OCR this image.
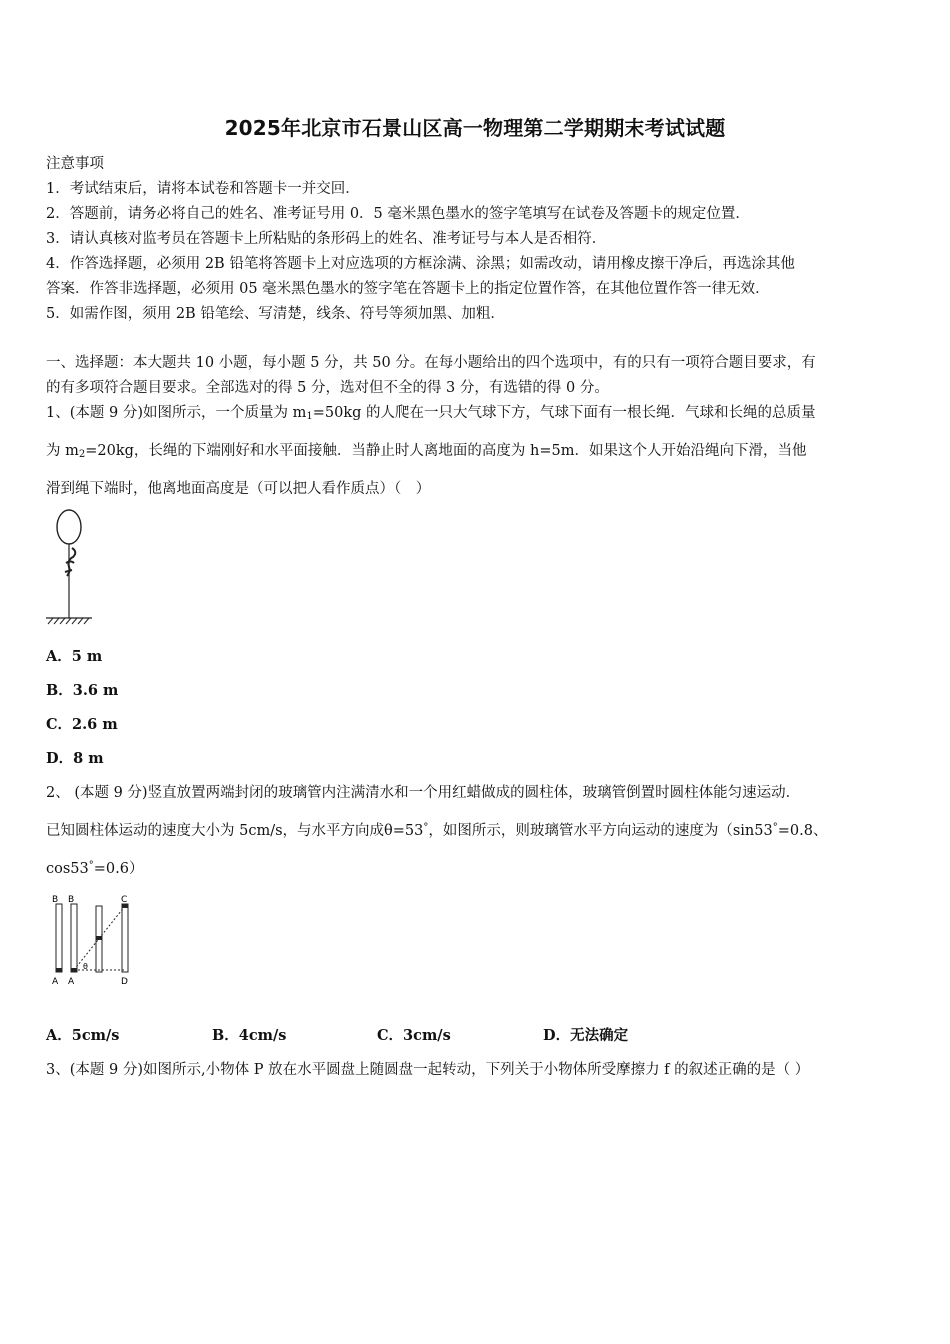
2025年北京市石景山区高一物理第二学期期末考试试题
注意事项
1．考试结束后，请将本试卷和答题卡一并交回．
2．答题前，请务必将自己的姓名、准考证号用 0．5 毫米黑色墨水的签字笔填写在试卷及答题卡的规定位置．
3．请认真核对监考员在答题卡上所粘贴的条形码上的姓名、准考证号与本人是否相符．
4．作答选择题，必须用 2B 铅笔将答题卡上对应选项的方框涂满、涂黑；如需改动，请用橡皮擦干净后，再选涂其他
答案．作答非选择题，必须用 05 毫米黑色墨水的签字笔在答题卡上的指定位置作答，在其他位置作答一律无效．
5．如需作图，须用 2B 铅笔绘、写清楚，线条、符号等须加黑、加粗．
一、选择题：本大题共 10 小题，每小题 5 分，共 50 分。在每小题给出的四个选项中，有的只有一项符合题目要求，有
的有多项符合题目要求。全部选对的得 5 分，选对但不全的得 3 分，有选错的得 0 分。
1、(本题 9 分)如图所示，一个质量为 $m_1=50kg$ 的人爬在一只大气球下方，气球下面有一根长绳．气球和长绳的总质量
为 $m_2=20kg$，长绳的下端刚好和水平面接触．当静止时人离地面的高度为 h=5m．如果这个人开始沿绳向下滑，当他
滑到绳下端时，他离地面高度是（可以把人看作质点）（　）
A．5 m
B．3.6 m
C．2.6 m
D．8 m
2、 (本题 9 分)竖直放置两端封闭的玻璃管内注满清水和一个用红蜡做成的圆柱体，玻璃管倒置时圆柱体能匀速运动．
已知圆柱体运动的速度大小为 5cm/s，与水平方向成θ=53°，如图所示，则玻璃管水平方向运动的速度为（sin53°=0.8、
cos53°=0.6）
B B	C
A A	D
θ
A．5cm/s	B．4cm/s	C．3cm/s	D．无法确定
3、(本题 9 分)如图所示,小物体 P 放在水平圆盘上随圆盘一起转动，下列关于小物体所受摩擦力 f 的叙述正确的是（ ）
